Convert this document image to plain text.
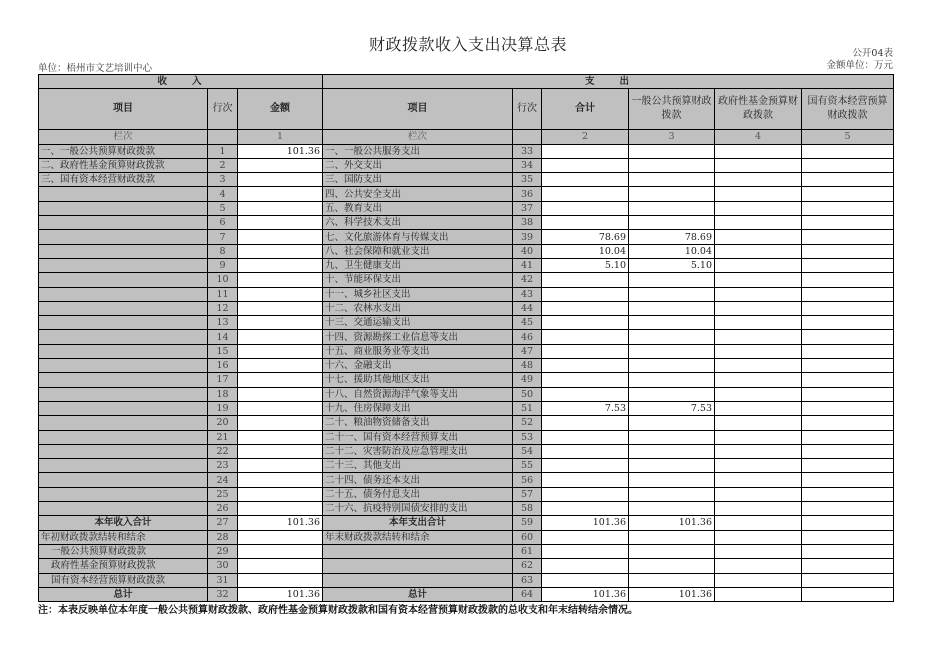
财政拨款收入支出决算总表
单位：梧州市文艺培训中心
公开04表
金额单位：万元
收　　入			支　　出					
项目	行次	金额	项目	行次	合计	一般公共预算财政拨款	政府性基金预算财政拨款	国有资本经营预算财政拨款
栏次		1	栏次		2	3	4	5
一、一般公共预算财政拨款	1	101.36	一、一般公共服务支出	33				
二、政府性基金预算财政拨款	2		二、外交支出	34				
三、国有资本经营财政拨款	3		三、国防支出	35				
	4		四、公共安全支出	36				
	5		五、教育支出	37				
	6		六、科学技术支出	38				
	7		七、文化旅游体育与传媒支出	39	78.69	78.69		
	8		八、社会保障和就业支出	40	10.04	10.04		
	9		九、卫生健康支出	41	5.10	5.10		
	10		十、节能环保支出	42				
	11		十一、城乡社区支出	43				
	12		十二、农林水支出	44				
	13		十三、交通运输支出	45				
	14		十四、资源勘探工业信息等支出	46				
	15		十五、商业服务业等支出	47				
	16		十六、金融支出	48				
	17		十七、援助其他地区支出	49				
	18		十八、自然资源海洋气象等支出	50				
	19		十九、住房保障支出	51	7.53	7.53		
	20		二十、粮油物资储备支出	52				
	21		二十一、国有资本经营预算支出	53				
	22		二十二、灾害防治及应急管理支出	54				
	23		二十三、其他支出	55				
	24		二十四、债务还本支出	56				
	25		二十五、债务付息支出	57				
	26		二十六、抗疫特别国债安排的支出	58				
本年收入合计	27	101.36	本年支出合计	59	101.36	101.36		
年初财政拨款结转和结余	28		年末财政拨款结转和结余	60				
一般公共预算财政拨款	29			61				
政府性基金预算财政拨款	30			62				
国有资本经营预算财政拨款	31			63				
总计	32	101.36	总计	64	101.36	101.36		
注：本表反映单位本年度一般公共预算财政拨款、政府性基金预算财政拨款和国有资本经营预算财政拨款的总收支和年末结转结余情况。
